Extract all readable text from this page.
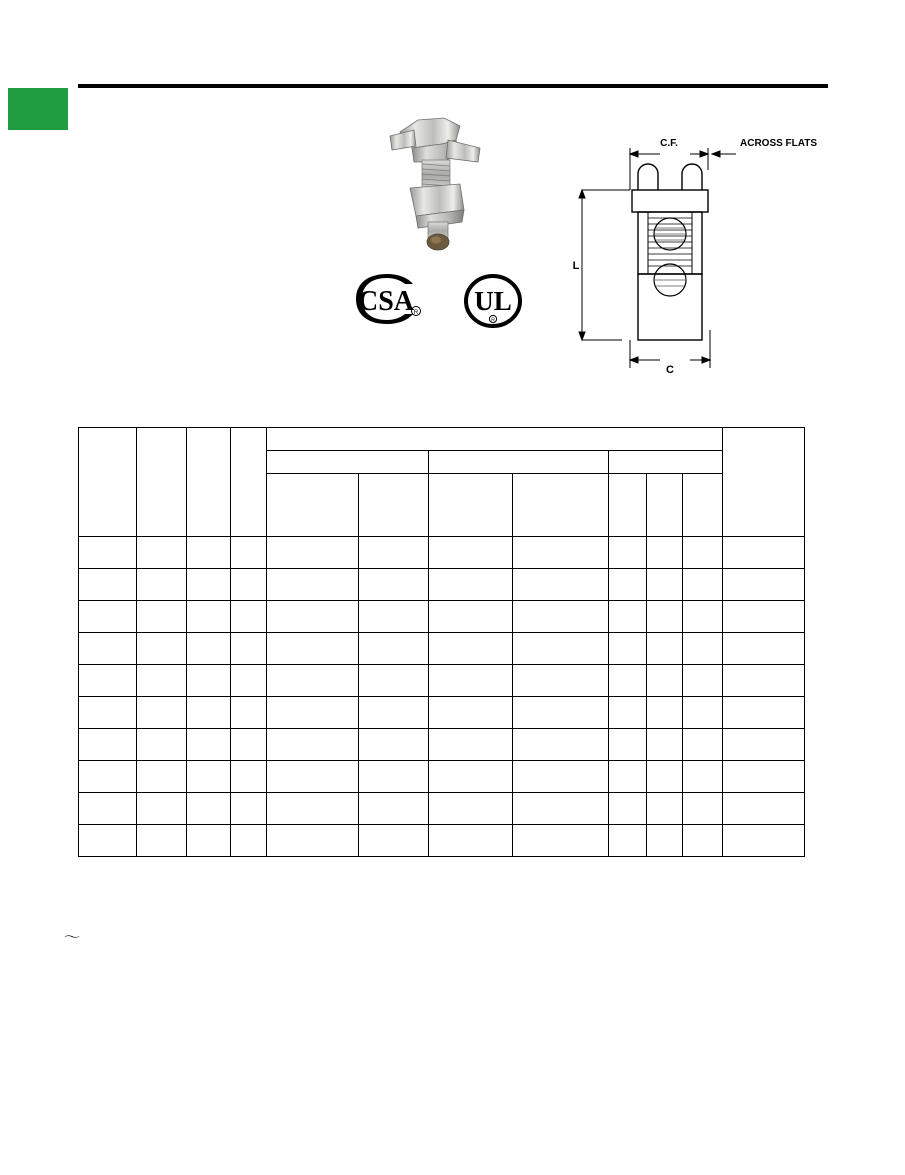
CSA R UL
R
C.F.	ACROSS FLATS
L
C

〜
